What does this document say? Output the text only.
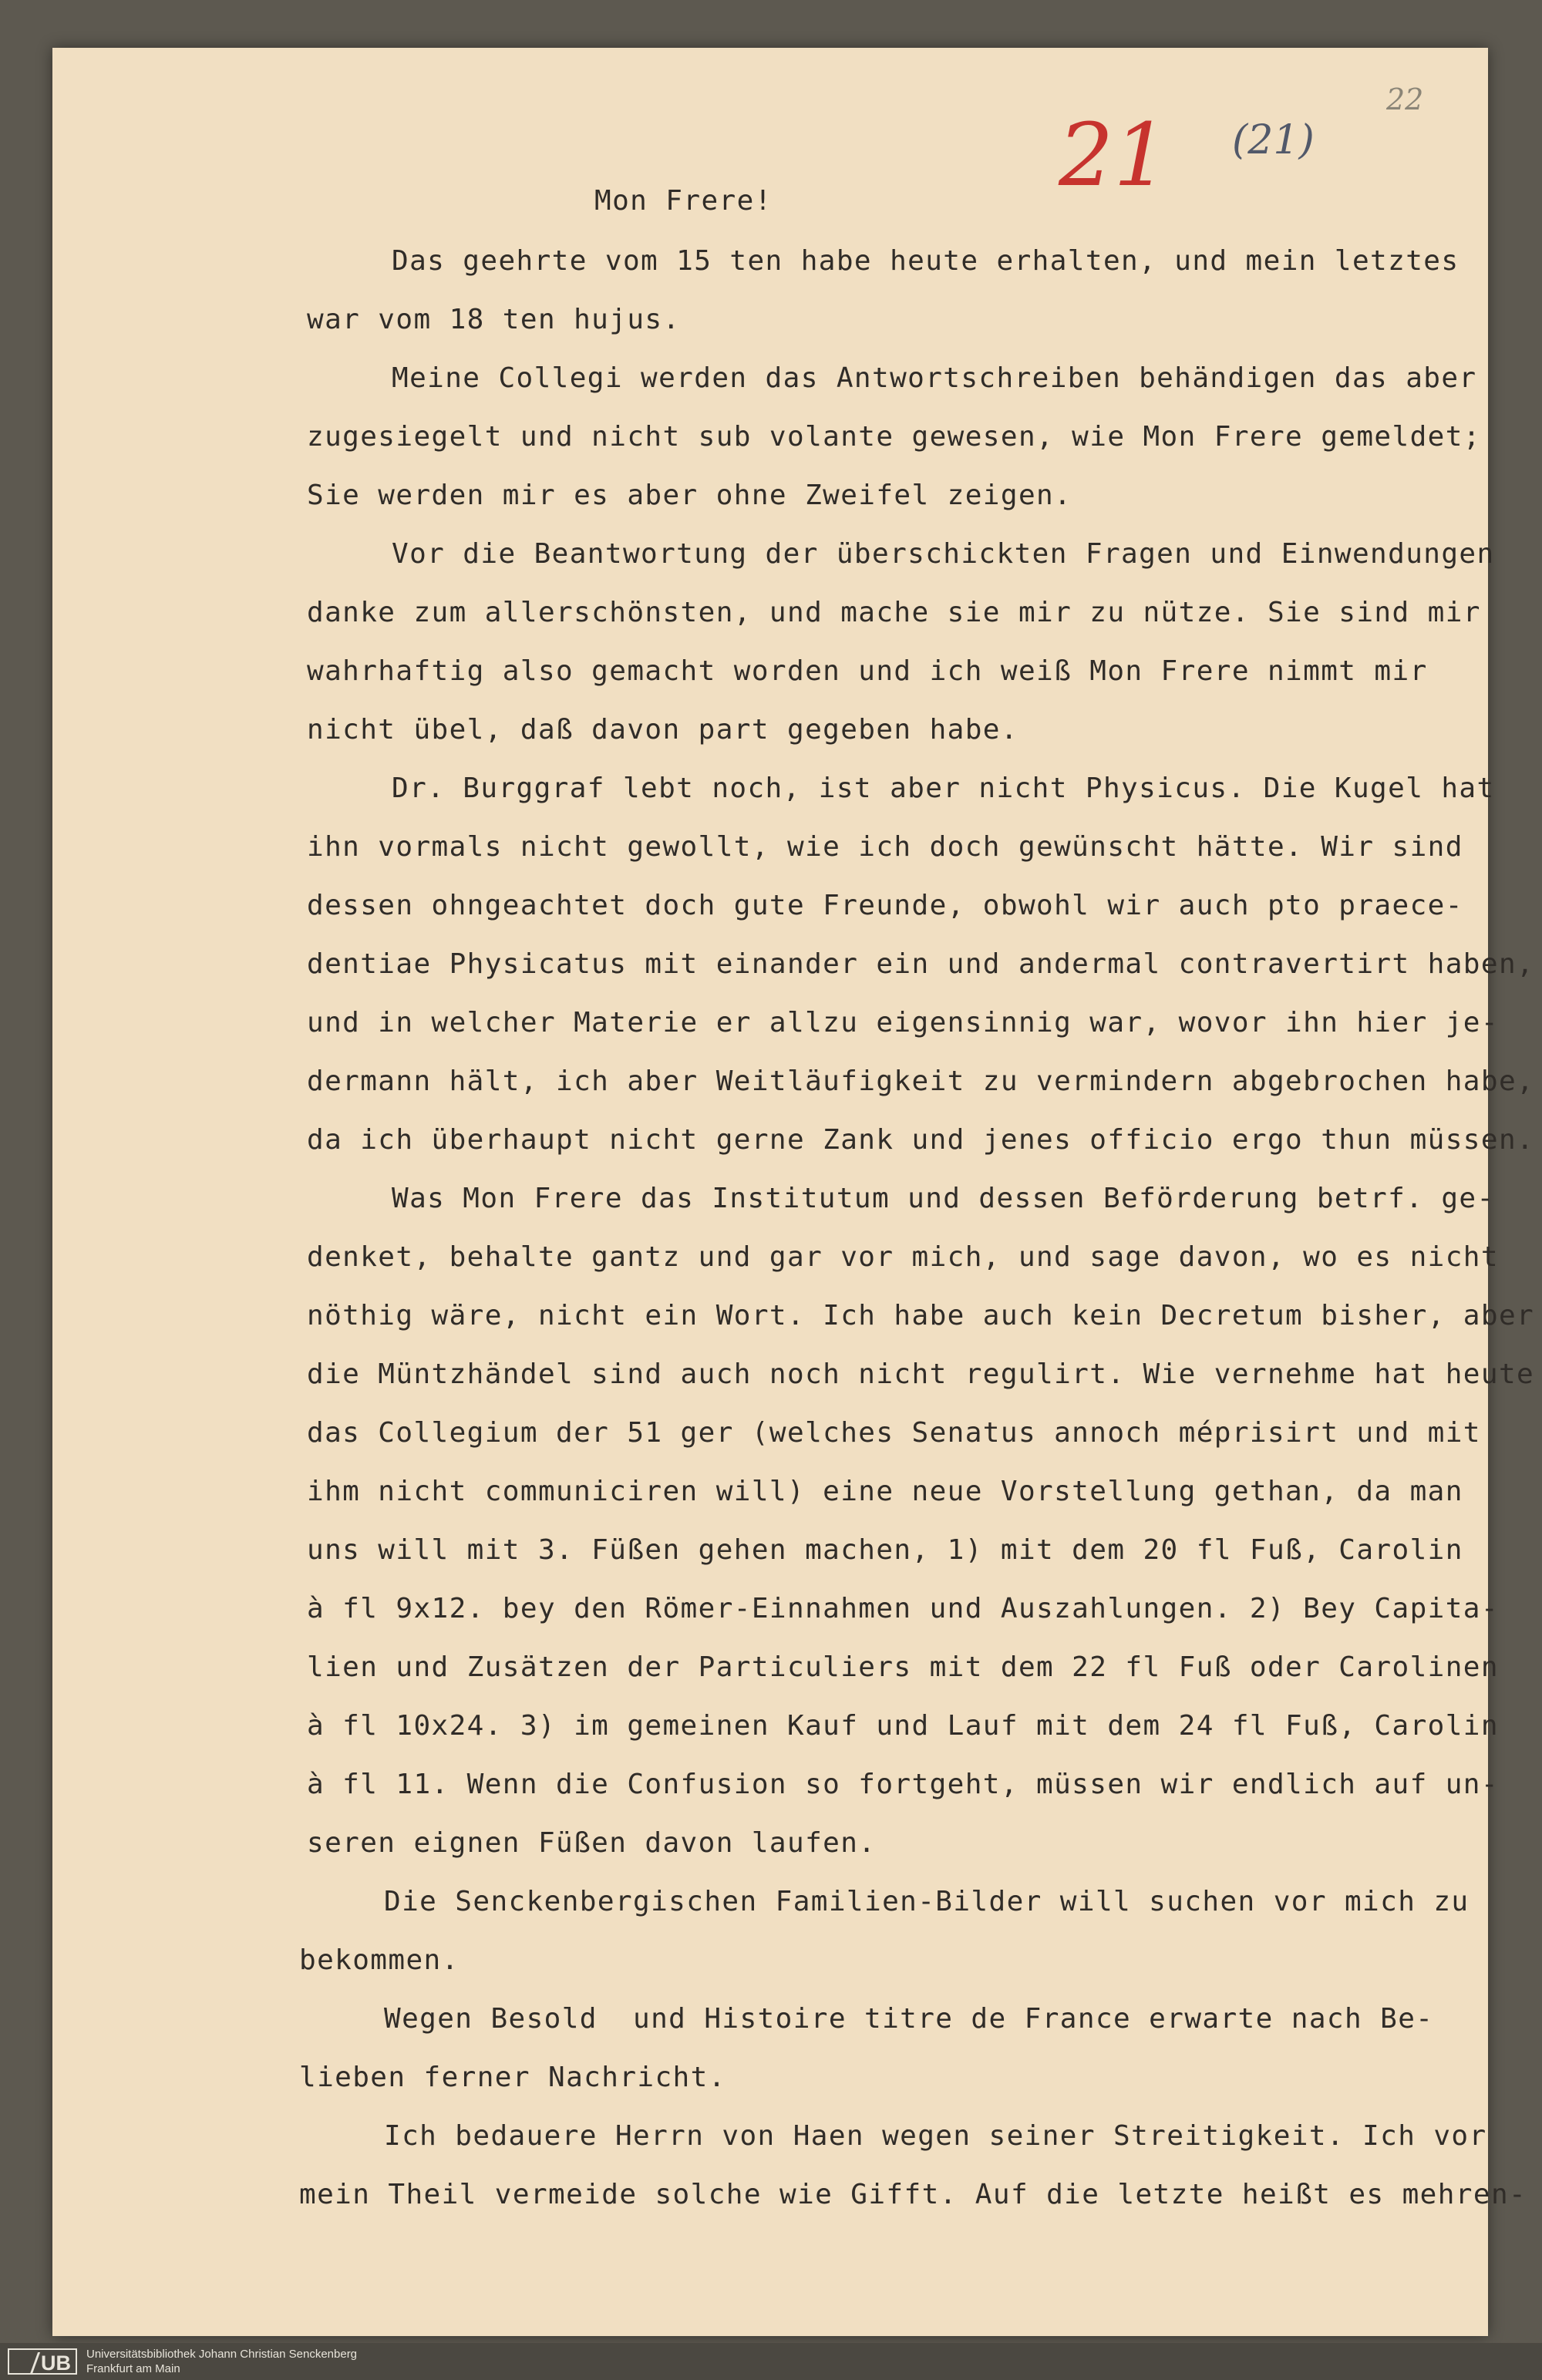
21 (21)
22
Mon Frere!
Das geehrte vom 15 ten habe heute erhalten, und mein letztes
war vom 18 ten hujus.
Meine Collegi werden das Antwortschreiben behändigen das aber
zugesiegelt und nicht sub volante gewesen, wie Mon Frere gemeldet;
Sie werden mir es aber ohne Zweifel zeigen.
Vor die Beantwortung der überschickten Fragen und Einwendungen
danke zum allerschönsten, und mache sie mir zu nütze. Sie sind mir
wahrhaftig also gemacht worden und ich weiß Mon Frere nimmt mir
nicht übel, daß davon part gegeben habe.
Dr. Burggraf lebt noch, ist aber nicht Physicus. Die Kugel hat
ihn vormals nicht gewollt, wie ich doch gewünscht hätte. Wir sind
dessen ohngeachtet doch gute Freunde, obwohl wir auch pto praece-
dentiae Physicatus mit einander ein und andermal contravertirt haben,
und in welcher Materie er allzu eigensinnig war, wovor ihn hier je-
dermann hält, ich aber Weitläufigkeit zu vermindern abgebrochen habe,
da ich überhaupt nicht gerne Zank und jenes officio ergo thun müssen.
Was Mon Frere das Institutum und dessen Beförderung betrf. ge-
denket, behalte gantz und gar vor mich, und sage davon, wo es nicht
nöthig wäre, nicht ein Wort. Ich habe auch kein Decretum bisher, aber
die Müntzhändel sind auch noch nicht regulirt. Wie vernehme hat heute
das Collegium der 51 ger (welches Senatus annoch méprisirt und mit
ihm nicht communiciren will) eine neue Vorstellung gethan, da man
uns will mit 3. Füßen gehen machen, 1) mit dem 20 fl Fuß, Carolin
à fl 9x12. bey den Römer-Einnahmen und Auszahlungen. 2) Bey Capita-
lien und Zusätzen der Particuliers mit dem 22 fl Fuß oder Carolinen
à fl 10x24. 3) im gemeinen Kauf und Lauf mit dem 24 fl Fuß, Carolin
à fl 11. Wenn die Confusion so fortgeht, müssen wir endlich auf un-
seren eignen Füßen davon laufen.
Die Senckenbergischen Familien-Bilder will suchen vor mich zu
bekommen.
Wegen Besold  und Histoire titre de France erwarte nach Be-
lieben ferner Nachricht.
Ich bedauere Herrn von Haen wegen seiner Streitigkeit. Ich vor
mein Theil vermeide solche wie Gifft. Auf die letzte heißt es mehren-
UB	Universitätsbibliothek Johann Christian Senckenberg
Frankfurt am Main
